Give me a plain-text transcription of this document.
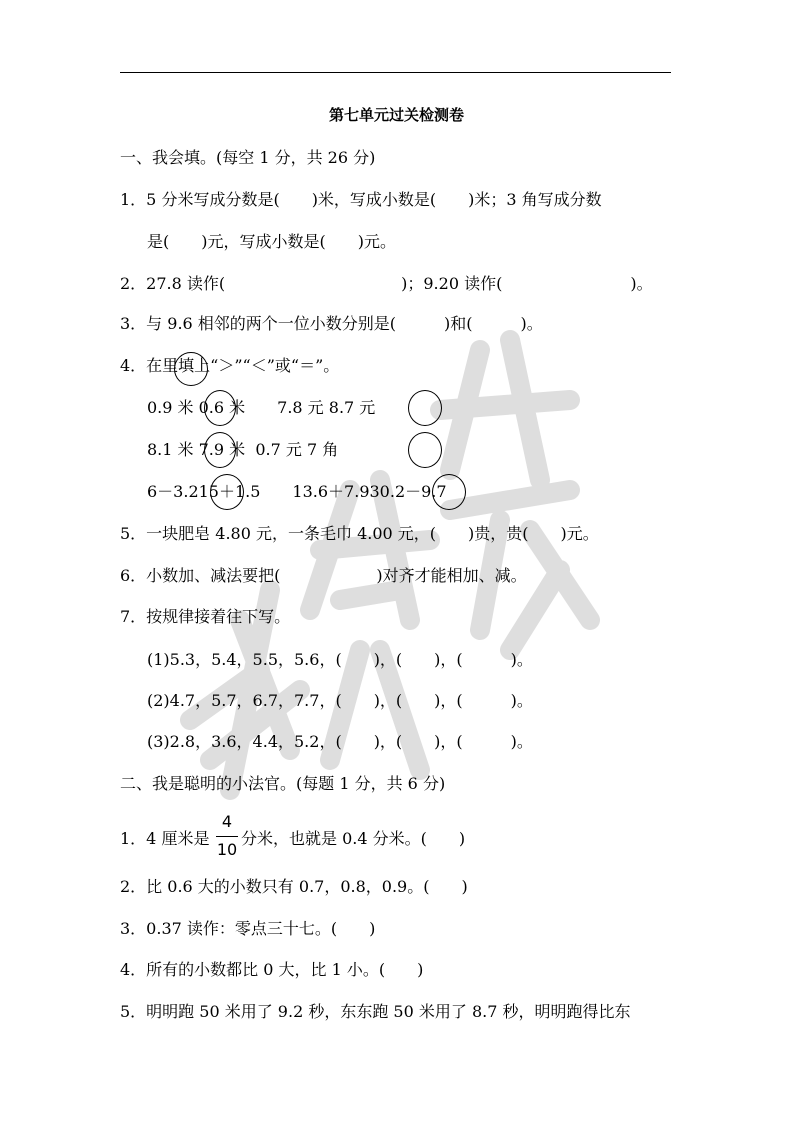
第七单元过关检测卷
一、我会填。(每空 1 分，共 26 分)
1．5 分米写成分数是(　　)米，写成小数是(　　)米；3 角写成分数
是(　　)元，写成小数是(　　)元。
2．27.8 读作(　　　　　　　　　　　)；9.20 读作(　　　　　　　　)。
3．与 9.6 相邻的两个一位小数分别是(　　　)和(　　　)。
4．在里填上“＞”“＜”或“＝”。
0.9 米 0.6 米　　7.8 元 8.7 元
8.1 米 7.9 米  0.7 元 7 角
6－3.215＋1.5　　13.6＋7.930.2－9.7
5．一块肥皂 4.80 元，一条毛巾 4.00 元，(　　)贵，贵(　　)元。
6．小数加、减法要把(　　　　　　)对齐才能相加、减。
7．按规律接着往下写。
(1)5.3，5.4，5.5，5.6，(　　)，(　　)，(　　　)。
(2)4.7，5.7，6.7，7.7，(　　)，(　　)，(　　　)。
(3)2.8，3.6，4.4，5.2，(　　)，(　　)，(　　　)。
二、我是聪明的小法官。(每题 1 分，共 6 分)
1．4 厘米是
4
10
分米，也就是 0.4 分米。(　　)
2．比 0.6 大的小数只有 0.7，0.8，0.9。(　　)
3．0.37 读作：零点三十七。(　　)
4．所有的小数都比 0 大，比 1 小。(　　)
5．明明跑 50 米用了 9.2 秒，东东跑 50 米用了 8.7 秒，明明跑得比东
